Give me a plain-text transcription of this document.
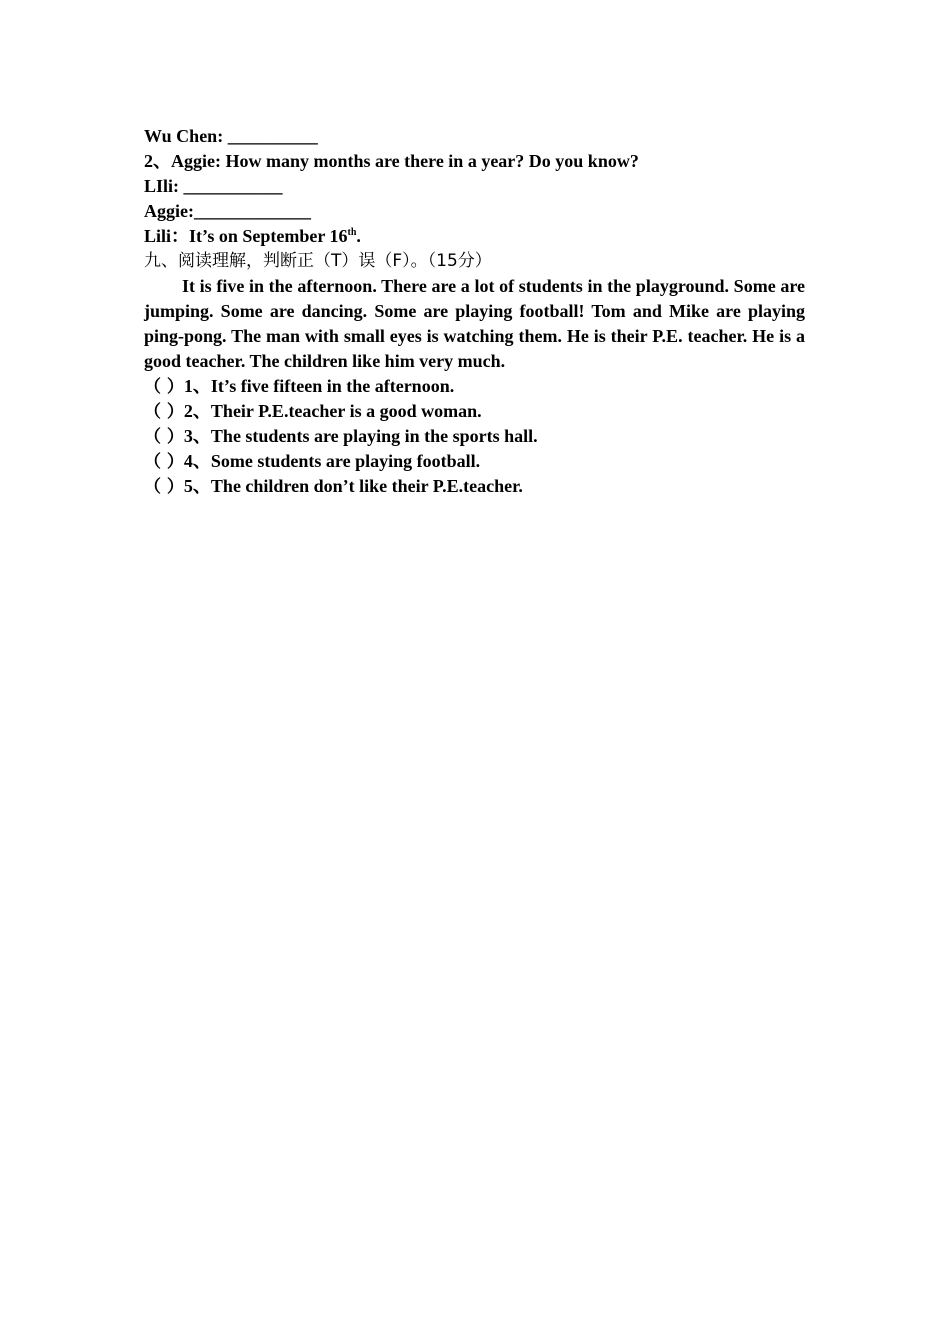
Wu Chen: __________
2、Aggie: How many months are there in a year? Do you know?
LIli: ___________
Aggie:_____________
Lili：It’s on September 16th.
九、阅读理解，判断正（T）误（F）。（15分）
It is five in the afternoon. There are a lot of students in the playground. Some are jumping. Some are dancing. Some are playing football! Tom and Mike are playing ping-pong. The man with small eyes is watching them. He is their P.E. teacher. He is a good teacher. The children like him very much.
（ ）1、It’s five fifteen in the afternoon.
（ ）2、Their P.E.teacher is a good woman.
（ ）3、The students are playing in the sports hall.
（ ）4、Some students are playing football.
（ ）5、The children don’t like their P.E.teacher.
